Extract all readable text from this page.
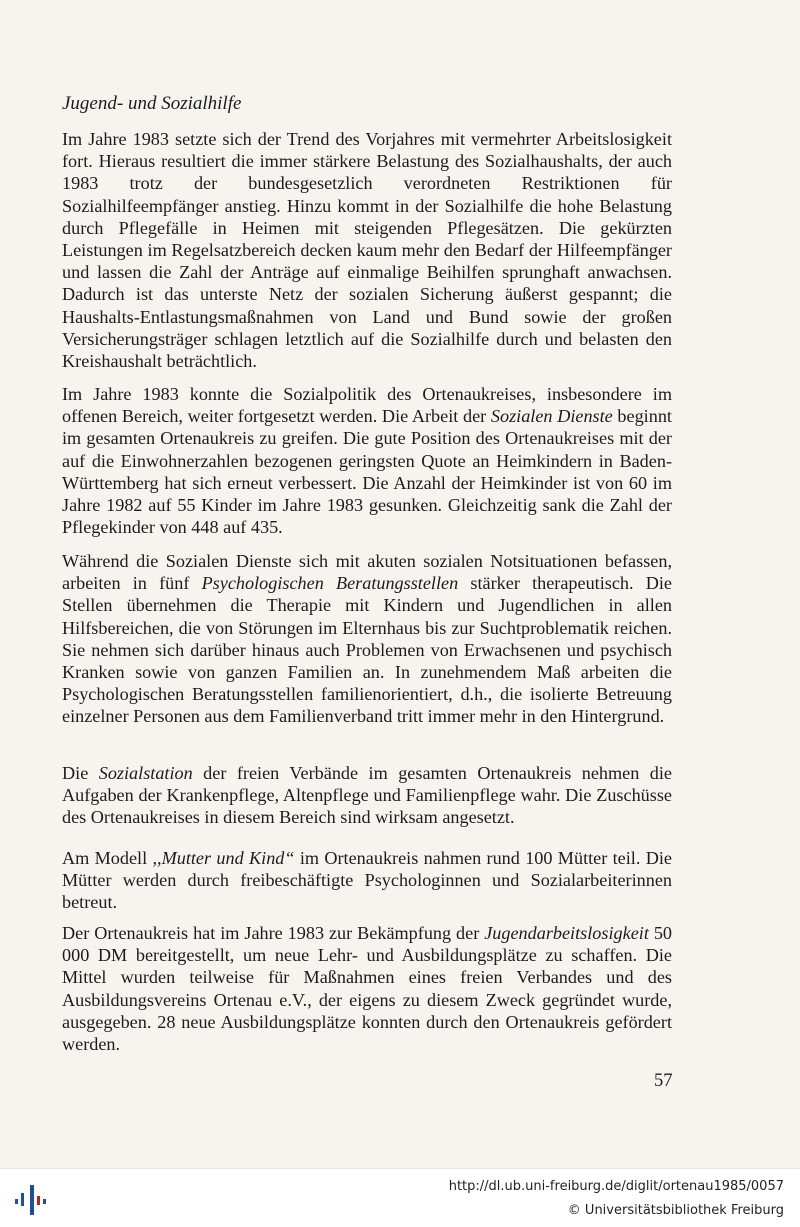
Jugend- und Sozialhilfe

Im Jahre 1983 setzte sich der Trend des Vorjahres mit vermehrter Arbeitslosigkeit fort. Hieraus resultiert die immer stärkere Belastung des Sozialhaushalts, der auch 1983 trotz der bundesgesetzlich verordneten Restriktionen für Sozialhilfeempfänger anstieg. Hinzu kommt in der Sozialhilfe die hohe Belastung durch Pflegefälle in Heimen mit steigenden Pflegesätzen. Die gekürzten Leistungen im Regelsatzbereich decken kaum mehr den Bedarf der Hilfeempfänger und lassen die Zahl der Anträge auf einmalige Beihilfen sprunghaft anwachsen. Dadurch ist das unterste Netz der sozialen Sicherung äußerst gespannt; die Haushalts-Entlastungsmaßnahmen von Land und Bund sowie der großen Versicherungsträger schlagen letztlich auf die Sozialhilfe durch und belasten den Kreishaushalt beträchtlich.

Im Jahre 1983 konnte die Sozialpolitik des Ortenaukreises, insbesondere im offenen Bereich, weiter fortgesetzt werden. Die Arbeit der Sozialen Dienste beginnt im gesamten Ortenaukreis zu greifen. Die gute Position des Ortenaukreises mit der auf die Einwohnerzahlen bezogenen geringsten Quote an Heimkindern in Baden-Württemberg hat sich erneut verbessert. Die Anzahl der Heimkinder ist von 60 im Jahre 1982 auf 55 Kinder im Jahre 1983 gesunken. Gleichzeitig sank die Zahl der Pflegekinder von 448 auf 435.

Während die Sozialen Dienste sich mit akuten sozialen Notsituationen befassen, arbeiten in fünf Psychologischen Beratungsstellen stärker therapeutisch. Die Stellen übernehmen die Therapie mit Kindern und Jugendlichen in allen Hilfsbereichen, die von Störungen im Elternhaus bis zur Suchtproblematik reichen. Sie nehmen sich darüber hinaus auch Problemen von Erwachsenen und psychisch Kranken sowie von ganzen Familien an. In zunehmendem Maß arbeiten die Psychologischen Beratungsstellen familienorientiert, d.h., die isolierte Betreuung einzelner Personen aus dem Familienverband tritt immer mehr in den Hintergrund.

Die Sozialstation der freien Verbände im gesamten Ortenaukreis nehmen die Aufgaben der Krankenpflege, Altenpflege und Familienpflege wahr. Die Zuschüsse des Ortenaukreises in diesem Bereich sind wirksam angesetzt.

Am Modell ,,Mutter und Kind“ im Ortenaukreis nahmen rund 100 Mütter teil. Die Mütter werden durch freibeschäftigte Psychologinnen und Sozialarbeiterinnen betreut.

Der Ortenaukreis hat im Jahre 1983 zur Bekämpfung der Jugendarbeitslosigkeit 50 000 DM bereitgestellt, um neue Lehr- und Ausbildungsplätze zu schaffen. Die Mittel wurden teilweise für Maßnahmen eines freien Verbandes und des Ausbildungsvereins Ortenau e.V., der eigens zu diesem Zweck gegründet wurde, ausgegeben. 28 neue Ausbildungsplätze konnten durch den Ortenaukreis gefördert werden.

57
http://dl.ub.uni-freiburg.de/diglit/ortenau1985/0057
© Universitätsbibliothek Freiburg
